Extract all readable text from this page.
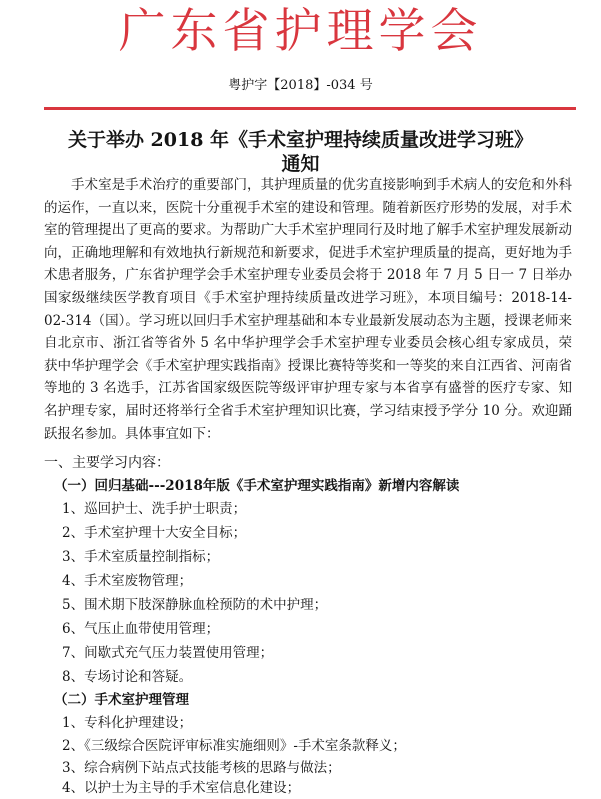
广东省护理学会
粤护字【2018】-034 号
关于举办 2018 年《手术室护理持续质量改进学习班》
通知

手术室是手术治疗的重要部门，其护理质量的优劣直接影响到手术病人的安危和外科的运作，一直以来，医院十分重视手术室的建设和管理。随着新医疗形势的发展，对手术室的管理提出了更高的要求。为帮助广大手术室护理同行及时地了解手术室护理发展新动向，正确地理解和有效地执行新规范和新要求，促进手术室护理质量的提高，更好地为手术患者服务，广东省护理学会手术室护理专业委员会将于 2018 年 7 月 5 日一 7 日举办国家级继续医学教育项目《手术室护理持续质量改进学习班》，本项目编号：2018-14-02-314（国）。学习班以回归手术室护理基础和本专业最新发展动态为主题，授课老师来自北京市、浙江省等省外 5 名中华护理学会手术室护理专业委员会核心组专家成员，荣获中华护理学会《手术室护理实践指南》授课比赛特等奖和一等奖的来自江西省、河南省等地的 3 名选手，江苏省国家级医院等级评审护理专家与本省享有盛誉的医疗专家、知名护理专家，届时还将举行全省手术室护理知识比赛，学习结束授予学分 10 分。欢迎踊跃报名参加。具体事宜如下：

一、主要学习内容：
（一）回归基础---2018年版《手术室护理实践指南》新增内容解读
1、巡回护士、洗手护士职责；
2、手术室护理十大安全目标；
3、手术室质量控制指标；
4、手术室废物管理；
5、围术期下肢深静脉血栓预防的术中护理；
6、气压止血带使用管理；
7、间歇式充气压力装置使用管理；
8、专场讨论和答疑。
（二）手术室护理管理
1、专科化护理建设；
2、《三级综合医院评审标准实施细则》-手术室条款释义；
3、综合病例下站点式技能考核的思路与做法；
4、以护士为主导的手术室信息化建设；
